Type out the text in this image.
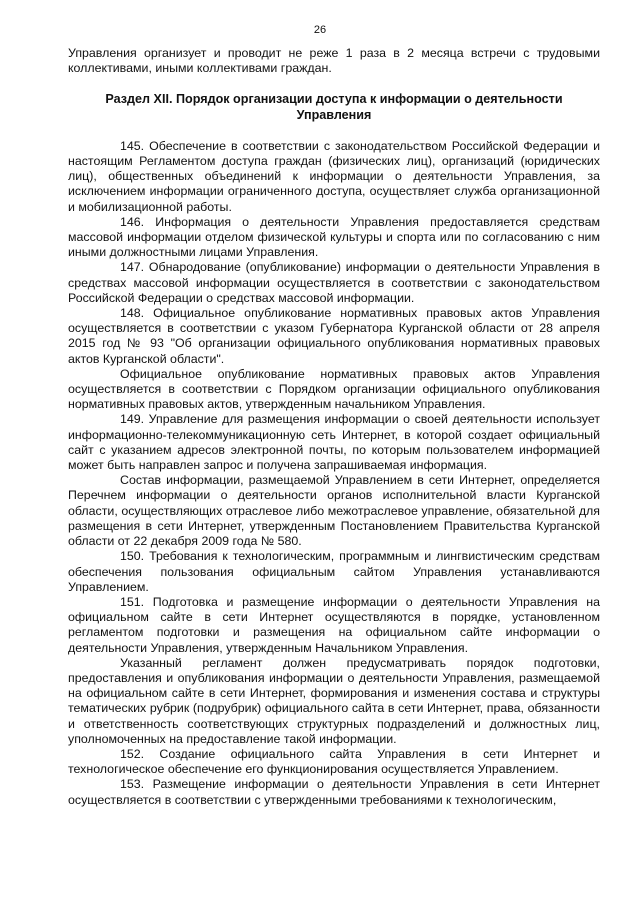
26

Управления организует и проводит не реже 1 раза в 2 месяца встречи с трудовыми коллективами, иными коллективами граждан.

Раздел XII. Порядок организации доступа к информации о деятельности Управления

145. Обеспечение в соответствии с законодательством Российской Федерации и настоящим Регламентом доступа граждан (физических лиц), организаций (юридических лиц), общественных объединений к информации о деятельности Управления, за исключением информации ограниченного доступа, осуществляет служба организационной и мобилизационной работы.

146. Информация о деятельности Управления предоставляется средствам массовой информации отделом физической культуры и спорта или по согласованию с ним иными должностными лицами Управления.

147. Обнародование (опубликование) информации о деятельности Управления в средствах массовой информации осуществляется в соответствии с законодательством Российской Федерации о средствах массовой информации.

148. Официальное опубликование нормативных правовых актов Управления осуществляется в соответствии с указом Губернатора Курганской области от 28 апреля 2015 год № 93 "Об организации официального опубликования нормативных правовых актов Курганской области".

Официальное опубликование нормативных правовых актов Управления осуществляется в соответствии с Порядком организации официального опубликования нормативных правовых актов, утвержденным начальником Управления.

149. Управление для размещения информации о своей деятельности использует информационно-телекоммуникационную сеть Интернет, в которой создает официальный сайт с указанием адресов электронной почты, по которым пользователем информацией может быть направлен запрос и получена запрашиваемая информация.

Состав информации, размещаемой Управлением в сети Интернет, определяется Перечнем информации о деятельности органов исполнительной власти Курганской области, осуществляющих отраслевое либо межотраслевое управление, обязательной для размещения в сети Интернет, утвержденным Постановлением Правительства Курганской области от 22 декабря 2009 года № 580.

150. Требования к технологическим, программным и лингвистическим средствам обеспечения пользования официальным сайтом Управления устанавливаются Управлением.

151. Подготовка и размещение информации о деятельности Управления на официальном сайте в сети Интернет осуществляются в порядке, установленном регламентом подготовки и размещения на официальном сайте информации о деятельности Управления, утвержденным Начальником Управления.

Указанный регламент должен предусматривать порядок подготовки, предоставления и опубликования информации о деятельности Управления, размещаемой на официальном сайте в сети Интернет, формирования и изменения состава и структуры тематических рубрик (подрубрик) официального сайта в сети Интернет, права, обязанности и ответственность соответствующих структурных подразделений и должностных лиц, уполномоченных на предоставление такой информации.

152. Создание официального сайта Управления в сети Интернет и технологическое обеспечение его функционирования осуществляется Управлением.

153. Размещение информации о деятельности Управления в сети Интернет осуществляется в соответствии с утвержденными требованиями к технологическим,
